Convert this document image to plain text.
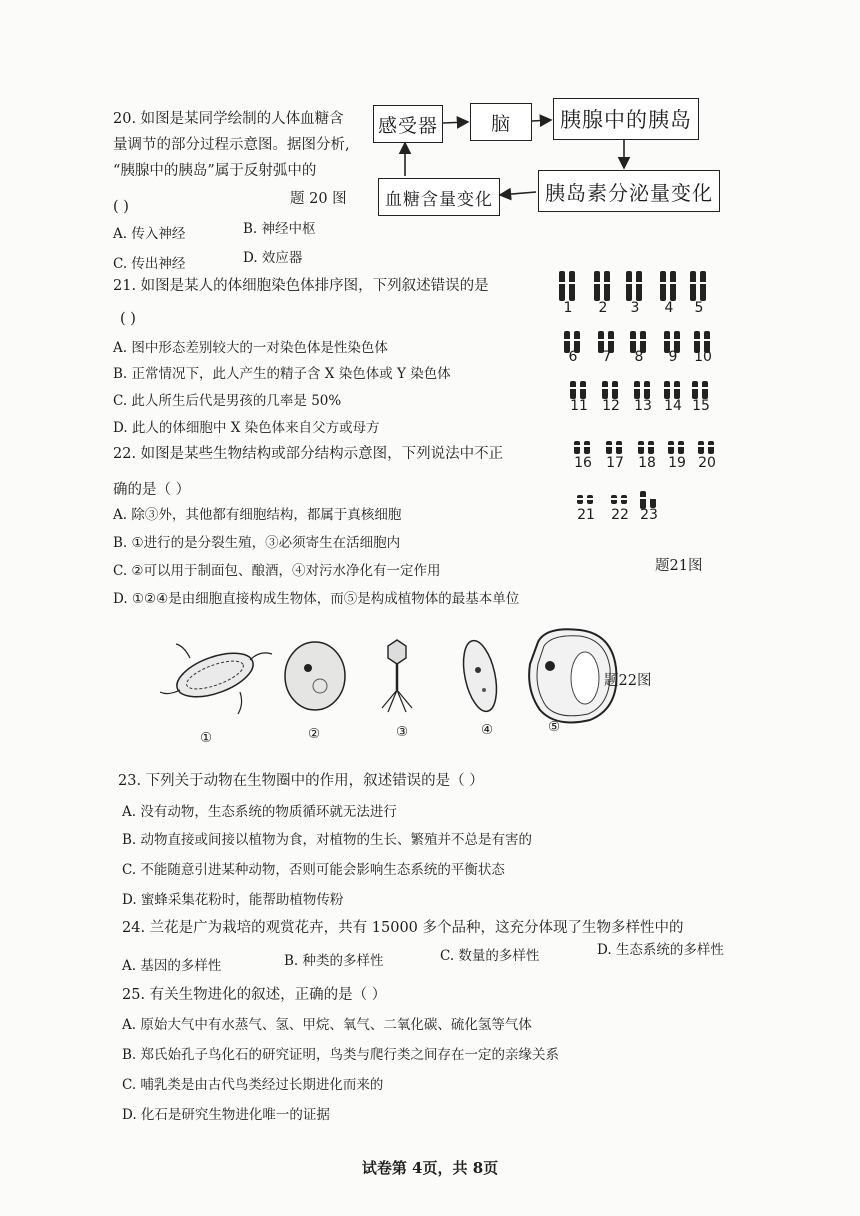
20. 如图是某同学绘制的人体血糖含
量调节的部分过程示意图。据图分析,
“胰腺中的胰岛”属于反射弧中的
( )	题 20 图
A. 传入神经	B. 神经中枢
C. 传出神经	D. 效应器
感受器	脑	胰腺中的胰岛
胰岛素分泌量变化
血糖含量变化
21. 如图是某人的体细胞染色体排序图，下列叙述错误的是
( )
A. 图中形态差别较大的一对染色体是性染色体
B. 正常情况下，此人产生的精子含 X 染色体或 Y 染色体
C. 此人所生后代是男孩的几率是 50%
D. 此人的体细胞中 X 染色体来自父方或母方
1	2	3	4	5
6	7	8	9	10
11 12 13 14 15
16 17 18 19 20
21 22 23
题21图
22. 如图是某些生物结构或部分结构示意图，下列说法中不正
确的是（ ）
A. 除③外，其他都有细胞结构，都属于真核细胞
B. ①进行的是分裂生殖，③必须寄生在活细胞内
C. ②可以用于制面包、酿酒，④对污水净化有一定作用
D. ①②④是由细胞直接构成生物体，而⑤是构成植物体的最基本单位
题22图
①	②	③	④	⑤
23. 下列关于动物在生物圈中的作用，叙述错误的是（ ）
A. 没有动物，生态系统的物质循环就无法进行
B. 动物直接或间接以植物为食，对植物的生长、繁殖并不总是有害的
C. 不能随意引进某种动物，否则可能会影响生态系统的平衡状态
D. 蜜蜂采集花粉时，能帮助植物传粉
24. 兰花是广为栽培的观赏花卉，共有 15000 多个品种，这充分体现了生物多样性中的
A. 基因的多样性	B. 种类的多样性	C. 数量的多样性	D. 生态系统的多样性
25. 有关生物进化的叙述，正确的是（ ）
A. 原始大气中有水蒸气、氢、甲烷、氧气、二氧化碳、硫化氢等气体
B. 郑氏始孔子鸟化石的研究证明，鸟类与爬行类之间存在一定的亲缘关系
C. 哺乳类是由古代鸟类经过长期进化而来的
D. 化石是研究生物进化唯一的证据
试卷第 4页，共 8页
